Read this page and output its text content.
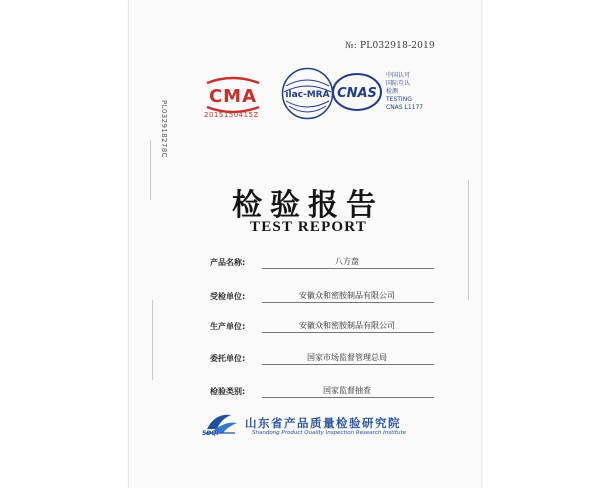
№: PL032918-2019
PL032918278C
CMA
2015150415Z
ilac-MRA CNAS
中国认可
国际互认
检测
TESTING
CNAS L1177
检验报告
TEST REPORT
产品名称:	八方盘
受检单位:	安徽众和密胺制品有限公司
生产单位:	安徽众和密胺制品有限公司
委托单位:	国家市场监督管理总局
检验类别:	国家监督抽查
SDQI
山东省产品质量检验研究院
Shandong Product Quality Inspection Research Institute
